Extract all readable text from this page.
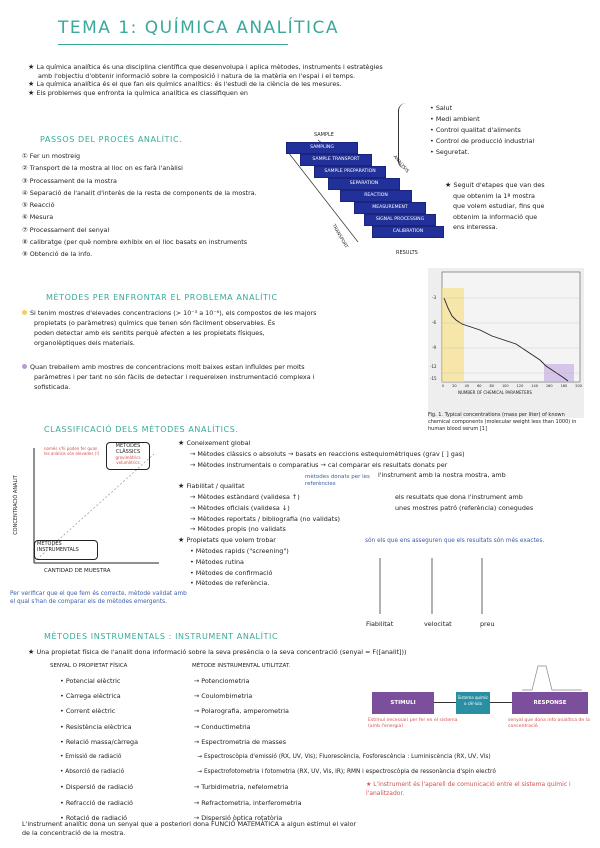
TEMA 1: QUÍMICA ANALÍTICA
★ La química analítica és una disciplina científica que desenvolupa i aplica mètodes, instruments i estratègies
amb l'objectiu d'obtenir informació sobre la composició i natura de la matèria en l'espai i el temps.
★ La química analítica és el que fan els químics analítics: és l'estudi de la ciència de les mesures.
★ Els problemes que enfronta la química analítica es classifiquen en
• Salut
• Medi ambient
• Control qualitat d'aliments
• Control de producció industrial
• Seguretat.
PASSOS DEL PROCÉS ANALÍTIC.
① Fer un mostreig
② Transport de la mostra al lloc on es farà l'anàlisi
③ Processament de la mostra
④ Separació de l'analit d'interès de la resta de components de la mostra.
⑤ Reacció
⑥ Mesura
⑦ Processament del senyal
⑧ calibratge (per què nombre exhibix en el lloc basats en instruments
⑨ Obtenció de la info.
SAMPLE
RESULTS
TRANSPORT
ANALYSIS
SAMPLING
SAMPLE TRANSPORT
SAMPLE PREPARATION
SEPARATION
REACTION
MEASUREMENT
SIGNAL PROCESSING
CALIBRATION
★ Seguit d'etapes que van des
que obtenim la 1ª mostra
que volem estudiar, fins que
obtenim la informació que
ens interessa.
MÈTODES PER ENFRONTAR EL PROBLEMA ANALÍTIC
Si tenim mostres d'elevades concentracions (> 10⁻³ a 10⁻⁶), els compostos de les majors
propietats (o paràmetres) químics que tenen són fàcilment observables. És
poden detectar amb els sentits perquè afecten a les propietats físiques,
organolèptiques dels materials.
Quan treballem amb mostres de concentracions molt baixes estan influïdes per molts
paràmetres i per tant no són fàcils de detectar i requereixen instrumentació complexa i
sofisticada.
-3
-6
-9
-12
-15
0 20 40 60 80 100 120 140 160 180 200
NUMBER OF CHEMICAL PARAMETERS
Fig. 1. Typical concentrations (mass per liter) of known
chemical components (molecular weight less than 1000) in
human blood serum [1]
CLASSIFICACIÓ DELS MÈTODES ANALÍTICS.
CONCENTRACIÓ ANALIT
CANTIDAD DE MUESTRA
MÈTODES CLÀSSICS
gravimètrics volumètrics
MÈTODES INSTRUMENTALS
només s'hi poden fer quan les anàlisis són elevades (!)
★ Coneixement global
→ Mètodes clàssics o absoluts → basats en reaccions estequiomètriques (grav [ ] gas)
→ Mètodes instrumentals o comparatius → cal comparar els resultats donats per
l'instrument amb la nostra mostra, amb
★ Fiabilitat / qualitat
→ Mètodes estàndard (validesa ↑)
→ Mètodes oficials (validesa ↓)
→ Mètodes reportats / bibliografia (no validats)
→ Mètodes propis (no validats
★ Propietats que volem trobar
• Mètodes rapids ("screening")
• Mètodes rutina
• Mètodes de confirmació
• Mètodes de referència.
els resultats que dona l'instrument amb
unes mostres patró (referència) conegudes
mètodes donats per les referències
són els que ens asseguren que els resultats són més exactes.
Per verificar que el que fem és correcte, mètode validat amb el qual s'han de comparar els de mètodes emergents.
Fiabilitat	velocitat	preu
MÈTODES INSTRUMENTALS : INSTRUMENT ANALÍTIC
★ Una propietat física de l'analit dona informació sobre la seva presència o la seva concentració (senyal = F([analit]))
SENYAL O PROPIETAT FÍSICA	MÈTODE INSTRUMENTAL UTILITZAT.
• Potencial elèctric	→ Potenciometria
• Càrrega elèctrica	→ Coulombimetria
• Corrent elèctric	→ Polarografia, amperometria
• Resistència elèctrica	→ Conductimetria
• Relació massa/càrrega	→ Espectrometria de masses
• Emissió de radiació	→ Espectroscòpia d'emissió (RX, UV, Vis); Fluorescència, Fosforescència : Luminiscència (RX, UV, Vis)
• Absorció de radiació	→ Espectrofotometria i fotometria (RX, UV, Vis, IR); RMN i espectroscòpia de ressonància d'spin electró
• Dispersió de radiació	→ Turbidimetria, nefelometria
• Refracció de radiació	→ Refractometria, interferometria
• Rotació de radiació	→ Dispersió òptica rotatòria
STIMULI
Sistema químic o cèl·lula	RESPONSE
Estímul necessari per fer en el sistema (amb l'energia)
senyal que dona info analítica de la concentració
★ L'instrument és l'aparell de comunicació entre el sistema químic i l'analitzador.
L'instrument analític dona un senyal que a posteriori dona FUNCIÓ MATEMÀTICA a algun estímul el valor
de la concentració de la mostra.
